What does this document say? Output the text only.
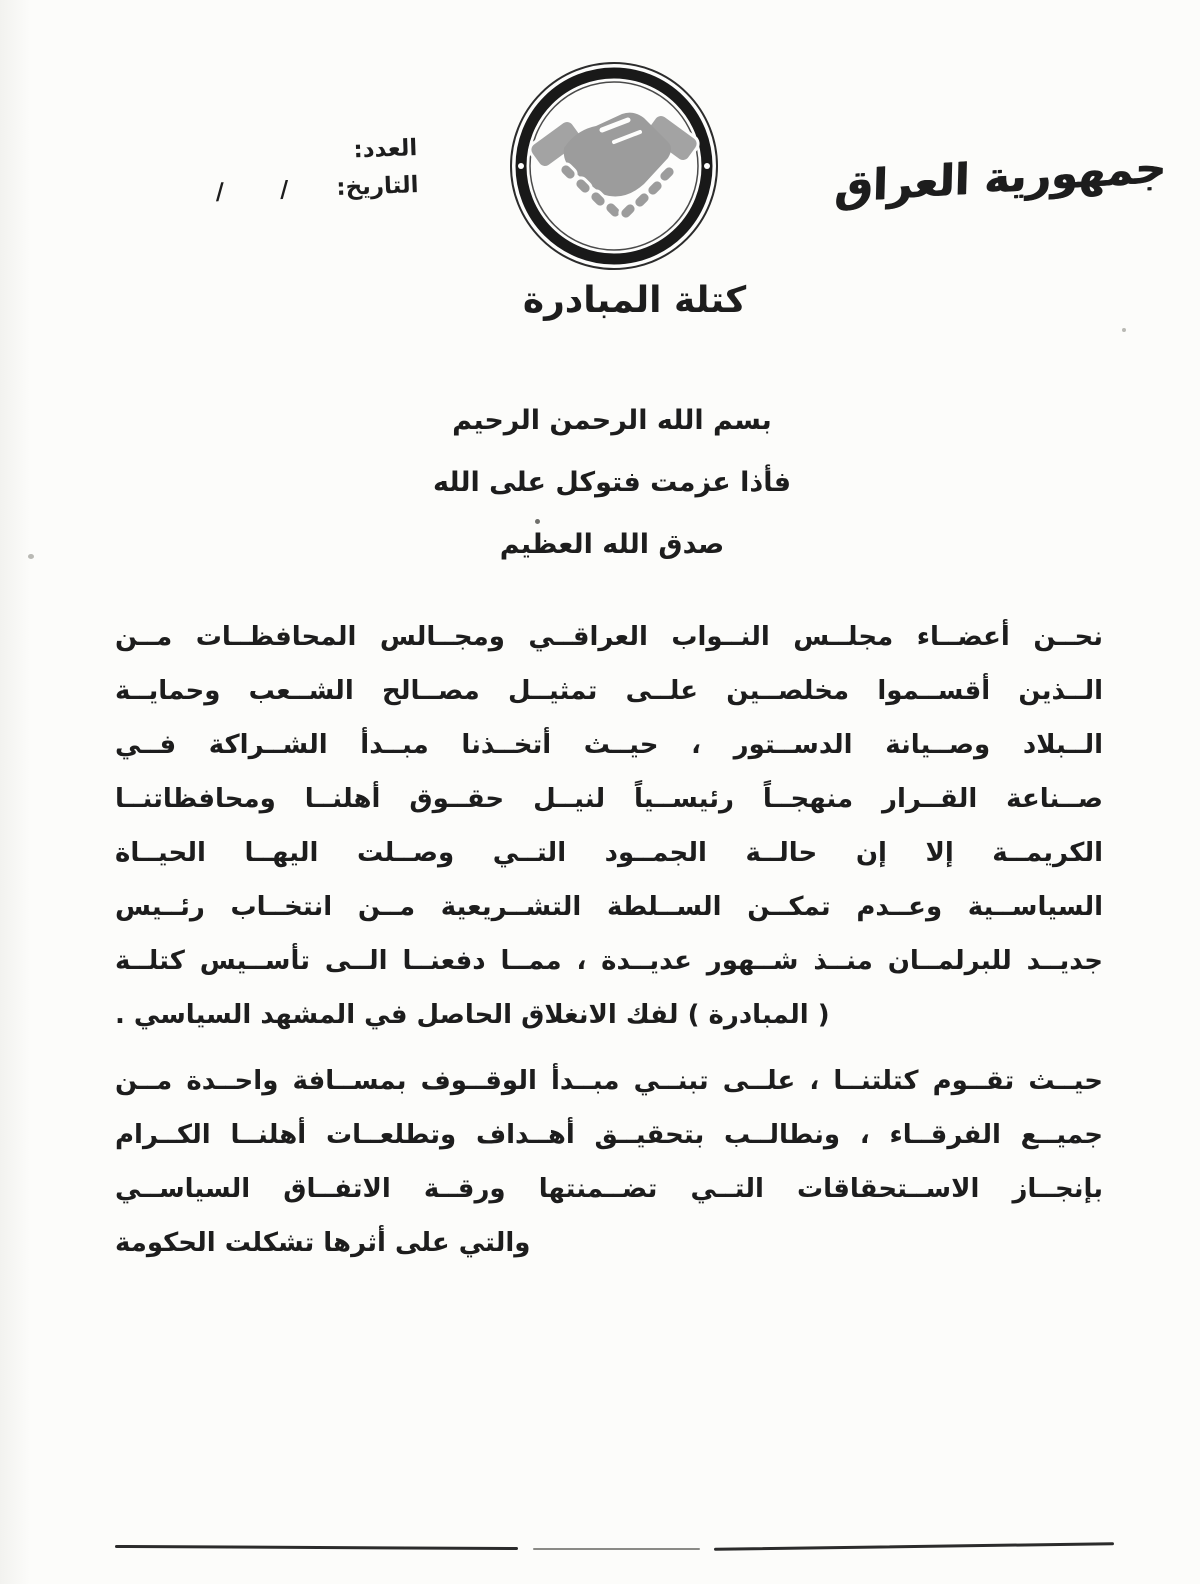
العدد:
التاريخ: / /	جمهورية العراق
كتلة المبادرة
بسم الله الرحمن الرحيم
فأذا عزمت فتوكل على الله
صدق الله العظيم
نحــن أعضــاء مجلــس النــواب العراقــي ومجــالس المحافظــات مــن
الــذين أقســموا مخلصــين علــى تمثيــل مصــالح الشــعب وحمايــة
الــبلاد وصــيانة الدســتور ، حيــث أتخــذنا مبــدأ الشــراكة فــي
صــناعة القــرار منهجــاً رئيســياً لنيــل حقــوق أهلنــا ومحافظاتنــا
الكريمــة إلا إن حالــة الجمــود التــي وصــلت اليهــا الحيــاة
السياســية وعــدم تمكــن الســلطة التشــريعية مــن انتخــاب رئــيس
جديــد للبرلمــان منــذ شــهور عديــدة ، ممــا دفعنــا الــى تأســيس كتلــة
( المبادرة ) لفك الانغلاق الحاصل في المشهد السياسي .
حيــث تقــوم كتلتنــا ، علــى تبنــي مبــدأ الوقــوف بمســافة واحــدة مــن
جميــع الفرقــاء ، ونطالــب بتحقيــق أهــداف وتطلعــات أهلنــا الكــرام
بإنجــاز الاســتحقاقات التــي تضــمنتها ورقــة الاتفــاق السياســي
والتي على أثرها تشكلت الحكومة
